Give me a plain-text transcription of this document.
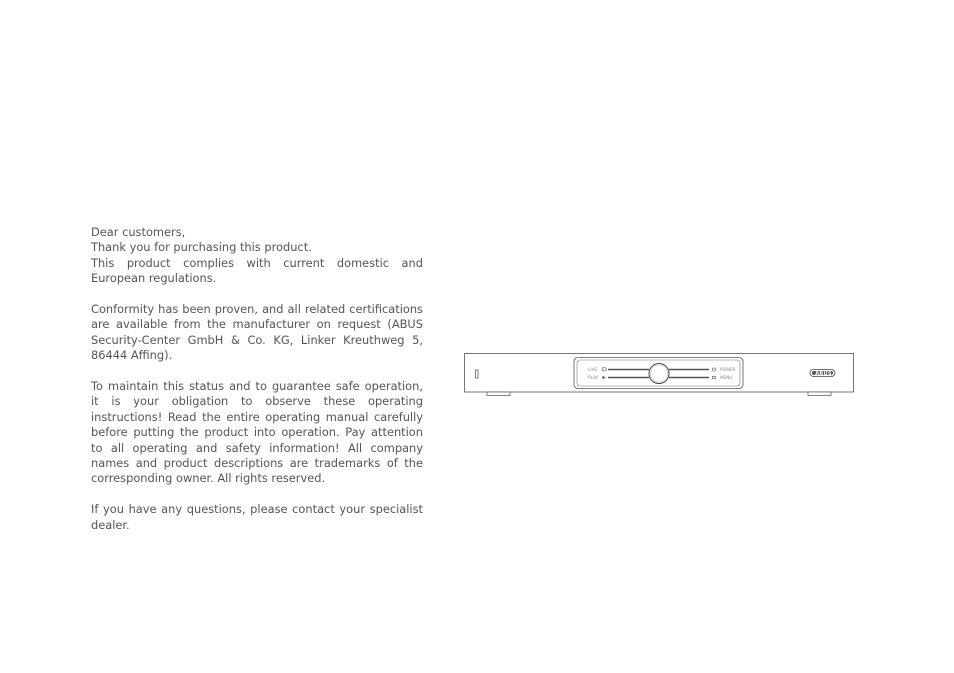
Dear customers,
Thank you for purchasing this product.

This product complies with current domestic and European regulations.

Conformity has been proven, and all related certifications are available from the manufacturer on request (ABUS Security-Center GmbH & Co. KG, Linker Kreuthweg 5, 86444 Affing).

To maintain this status and to guarantee safe operation, it is your obligation to observe these operating instructions! Read the entire operating manual carefully before putting the product into operation. Pay attention to all operating and safety information! All company names and product descriptions are trademarks of the corresponding owner. All rights reserved.

If you have any questions, please contact your specialist dealer.

LIVE
PLAY
POWER
MENU
ABUS
